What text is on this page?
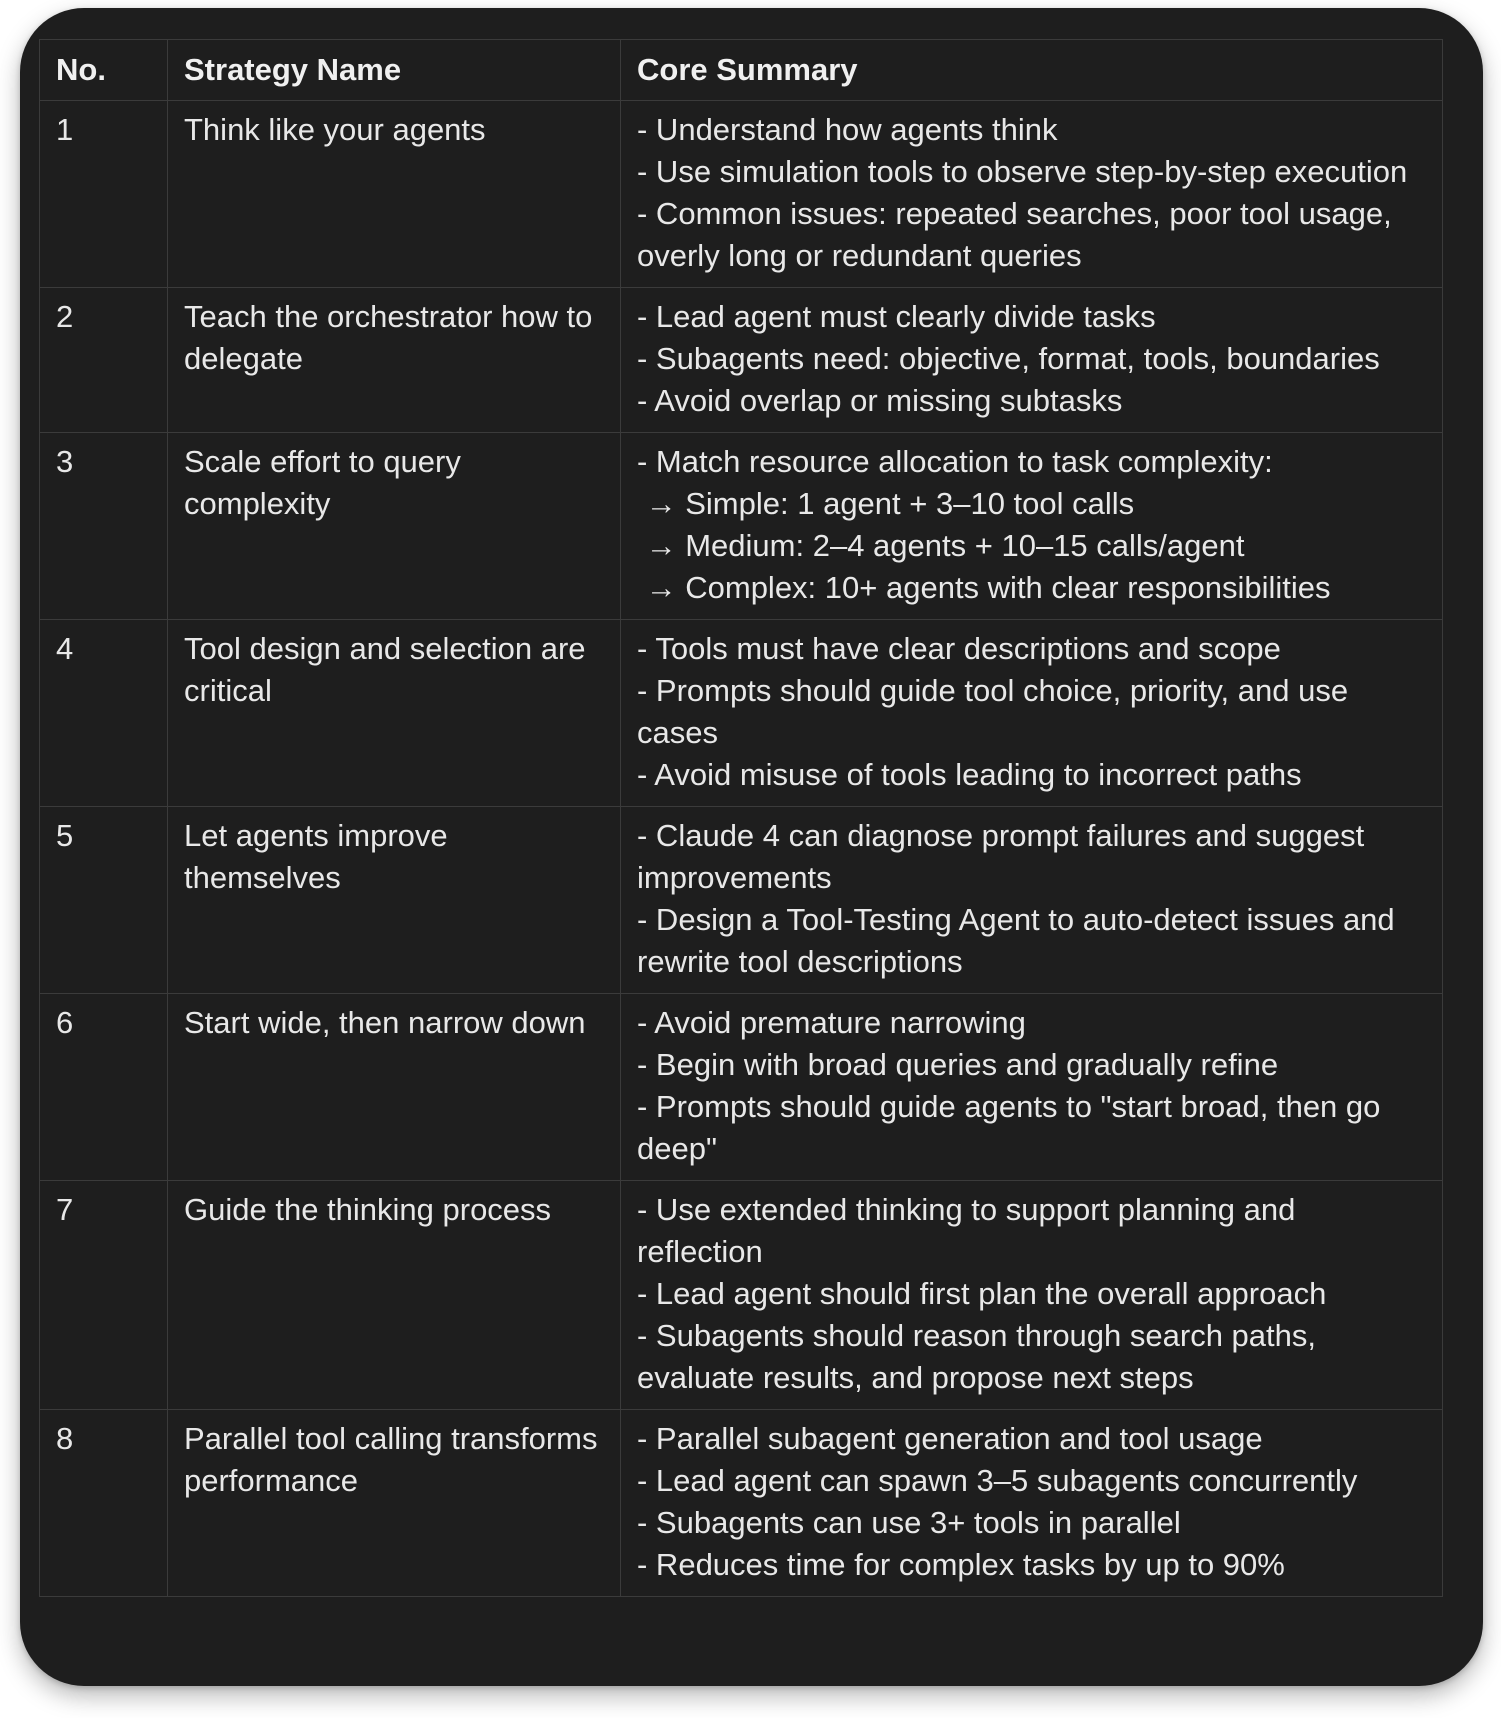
No.	Strategy Name	Core Summary
1	Think like your agents	- Understand how agents think
- Use simulation tools to observe step-by-step execution
- Common issues: repeated searches, poor tool usage, overly long or redundant queries

2	Teach the orchestrator how to delegate	- Lead agent must clearly divide tasks
- Subagents need: objective, format, tools, boundaries
- Avoid overlap or missing subtasks

3	Scale effort to query complexity	- Match resource allocation to task complexity:
→ Simple: 1 agent + 3–10 tool calls
→ Medium: 2–4 agents + 10–15 calls/agent
→ Complex: 10+ agents with clear responsibilities

4	Tool design and selection are critical	- Tools must have clear descriptions and scope
- Prompts should guide tool choice, priority, and use cases
- Avoid misuse of tools leading to incorrect paths

5	Let agents improve themselves	- Claude 4 can diagnose prompt failures and suggest improvements
- Design a Tool-Testing Agent to auto-detect issues and rewrite tool descriptions

6	Start wide, then narrow down	- Avoid premature narrowing
- Begin with broad queries and gradually refine
- Prompts should guide agents to "start broad, then go deep"

7	Guide the thinking process	- Use extended thinking to support planning and reflection
- Lead agent should first plan the overall approach
- Subagents should reason through search paths, evaluate results, and propose next steps

8	Parallel tool calling transforms performance	- Parallel subagent generation and tool usage
- Lead agent can spawn 3–5 subagents concurrently
- Subagents can use 3+ tools in parallel
- Reduces time for complex tasks by up to 90%
